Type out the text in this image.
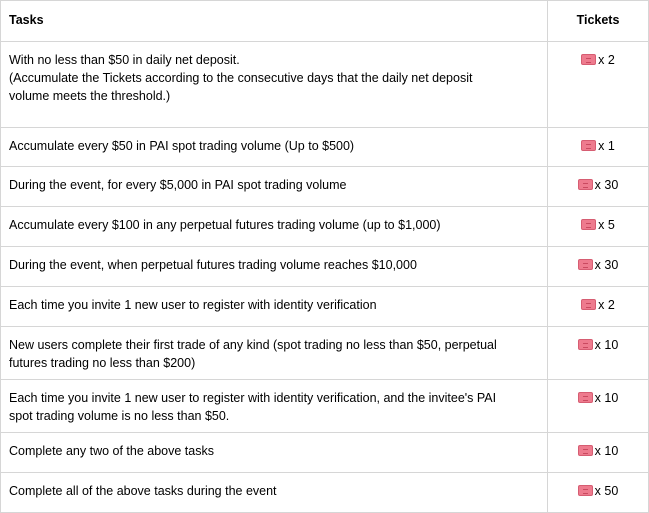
Tasks	Tickets

With no less than $50 in daily net deposit.
(Accumulate the Tickets according to the consecutive days that the daily net deposit
volume meets the threshold.)	x 2

Accumulate every $50 in PAI spot trading volume (Up to $500)	x 1

During the event, for every $5,000 in PAI spot trading volume	x 30

Accumulate every $100 in any perpetual futures trading volume (up to $1,000)	x 5

During the event, when perpetual futures trading volume reaches $10,000	x 30

Each time you invite 1 new user to register with identity verification	x 2

New users complete their first trade of any kind (spot trading no less than $50, perpetual
futures trading no less than $200)	x 10

Each time you invite 1 new user to register with identity verification, and the invitee's PAI
spot trading volume is no less than $50.	x 10

Complete any two of the above tasks	x 10

Complete all of the above tasks during the event	x 50
